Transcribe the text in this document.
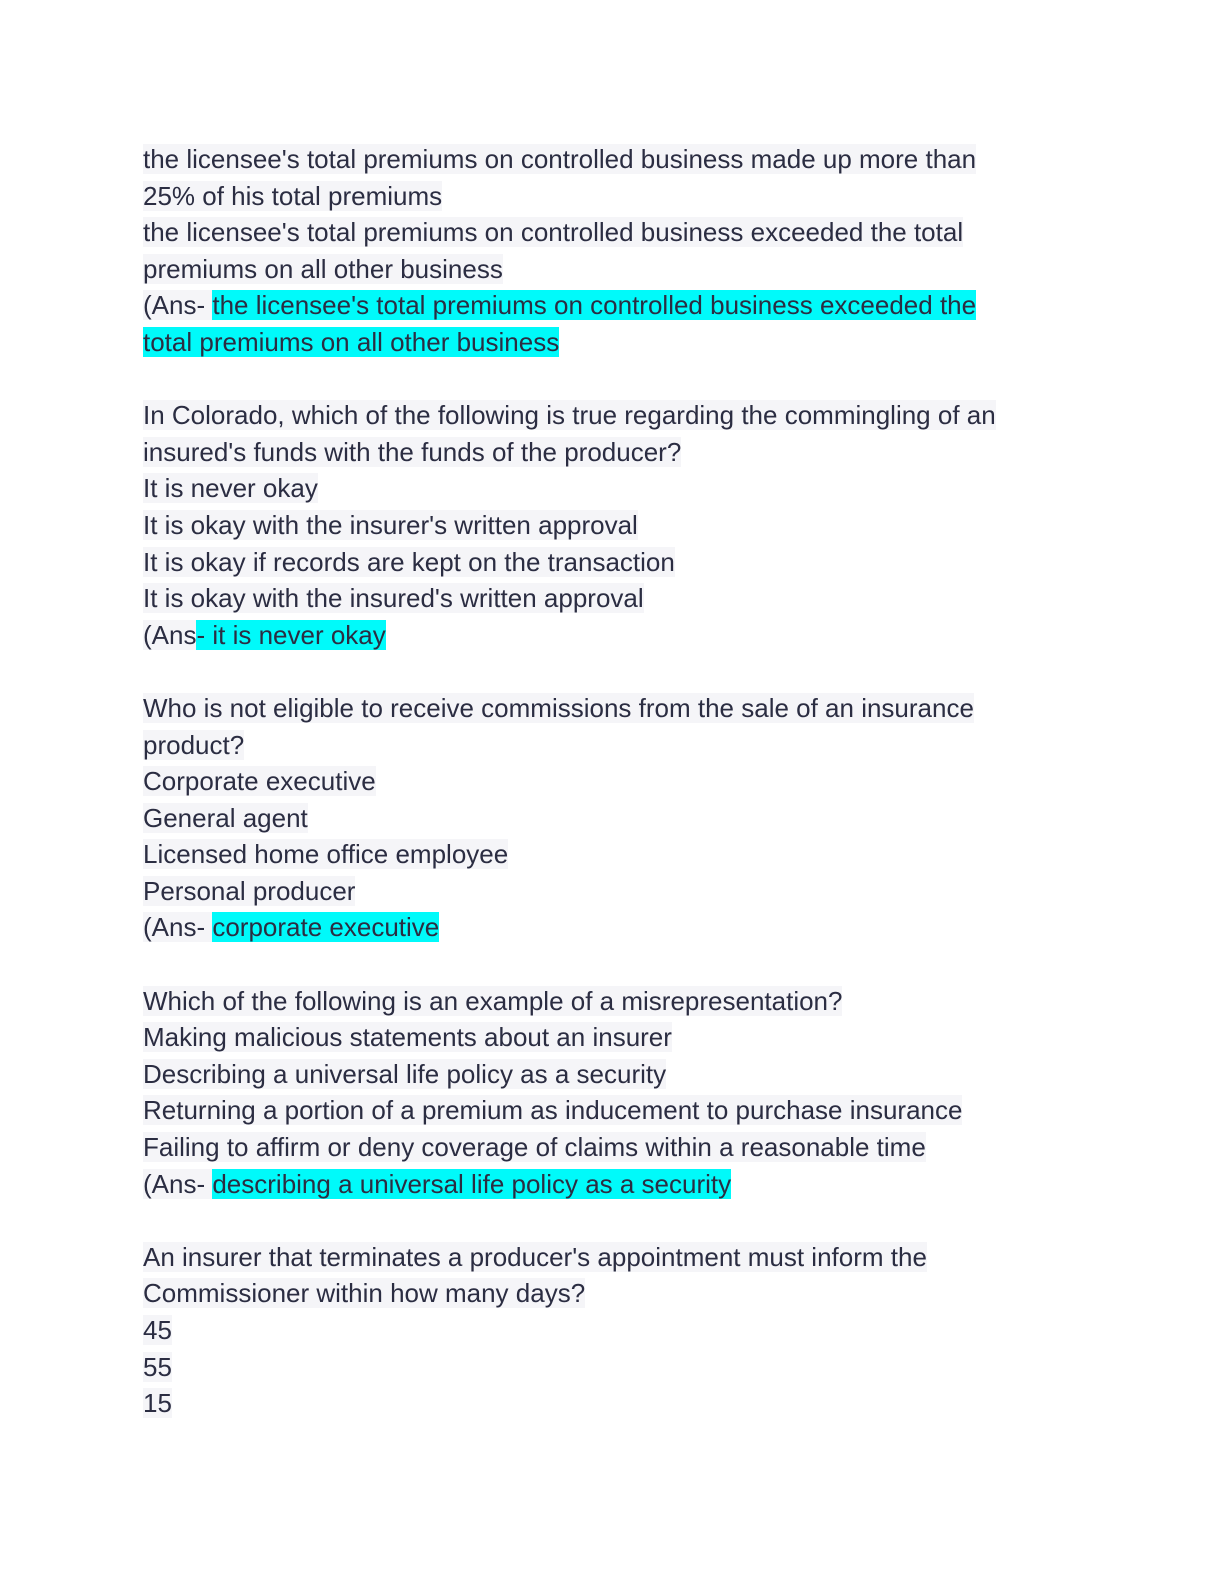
the licensee's total premiums on controlled business made up more than
25% of his total premiums
the licensee's total premiums on controlled business exceeded the total
premiums on all other business
(Ans- the licensee's total premiums on controlled business exceeded the
total premiums on all other business
In Colorado, which of the following is true regarding the commingling of an
insured's funds with the funds of the producer?
It is never okay
It is okay with the insurer's written approval
It is okay if records are kept on the transaction
It is okay with the insured's written approval
(Ans- it is never okay
Who is not eligible to receive commissions from the sale of an insurance
product?
Corporate executive
General agent
Licensed home office employee
Personal producer
(Ans- corporate executive
Which of the following is an example of a misrepresentation?
Making malicious statements about an insurer
Describing a universal life policy as a security
Returning a portion of a premium as inducement to purchase insurance
Failing to affirm or deny coverage of claims within a reasonable time
(Ans- describing a universal life policy as a security
An insurer that terminates a producer's appointment must inform the
Commissioner within how many days?
45
55
15
